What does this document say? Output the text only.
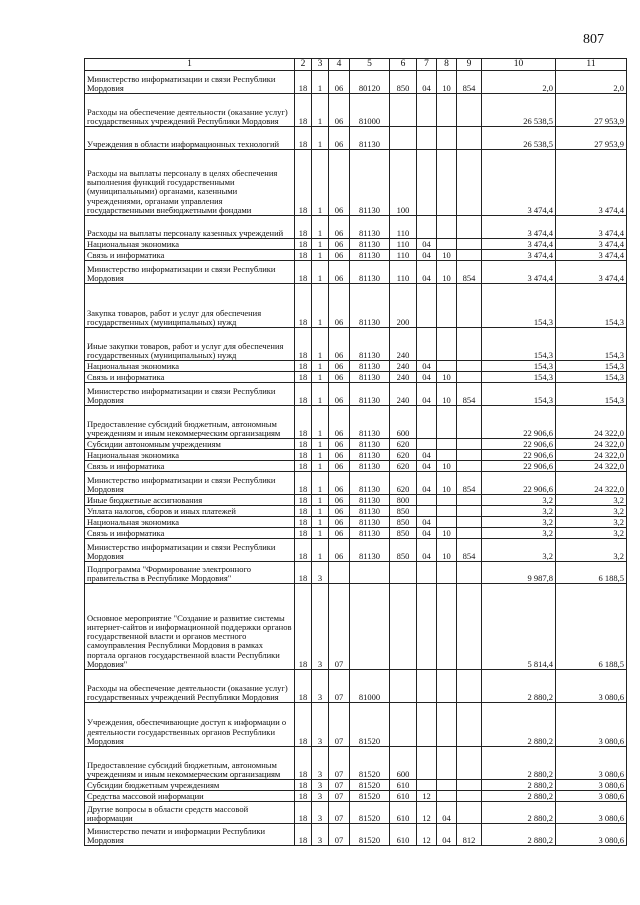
807
1	2	3	4	5	6	7	8	9	10	11
Министерство информатизации и связи Республики Мордовия	18	1	06	80120	850	04	10	854	2,0	2,0
Расходы на обеспечение деятельности (оказание услуг) государственных учреждений Республики Мордовия	18	1	06	81000					26 538,5	27 953,9
Учреждения в области информационных технологий	18	1	06	81130					26 538,5	27 953,9
Расходы на выплаты персоналу в целях обеспечения выполнения функций государственными (муниципальными) органами, казенными учреждениями, органами управления государственными внебюджетными фондами	18	1	06	81130	100				3 474,4	3 474,4
Расходы на выплаты персоналу казенных учреждений	18	1	06	81130	110				3 474,4	3 474,4
Национальная экономика	18	1	06	81130	110	04			3 474,4	3 474,4
Связь и информатика	18	1	06	81130	110	04	10		3 474,4	3 474,4
Министерство информатизации и связи Республики Мордовия	18	1	06	81130	110	04	10	854	3 474,4	3 474,4
Закупка товаров, работ и услуг для обеспечения государственных (муниципальных) нужд	18	1	06	81130	200				154,3	154,3
Иные закупки товаров, работ и услуг для обеспечения государственных (муниципальных) нужд	18	1	06	81130	240				154,3	154,3
Национальная экономика	18	1	06	81130	240	04			154,3	154,3
Связь и информатика	18	1	06	81130	240	04	10		154,3	154,3
Министерство информатизации и связи Республики Мордовия	18	1	06	81130	240	04	10	854	154,3	154,3
Предоставление субсидий бюджетным, автономным учреждениям и иным некоммерческим организациям	18	1	06	81130	600				22 906,6	24 322,0
Субсидии автономным учреждениям	18	1	06	81130	620				22 906,6	24 322,0
Национальная экономика	18	1	06	81130	620	04			22 906,6	24 322,0
Связь и информатика	18	1	06	81130	620	04	10		22 906,6	24 322,0
Министерство информатизации и связи Республики Мордовия	18	1	06	81130	620	04	10	854	22 906,6	24 322,0
Иные бюджетные ассигнования	18	1	06	81130	800				3,2	3,2
Уплата налогов, сборов и иных платежей	18	1	06	81130	850				3,2	3,2
Национальная экономика	18	1	06	81130	850	04			3,2	3,2
Связь и информатика	18	1	06	81130	850	04	10		3,2	3,2
Министерство информатизации и связи Республики Мордовия	18	1	06	81130	850	04	10	854	3,2	3,2
Подпрограмма "Формирование электронного правительства в Республике Мордовия"	18	3							9 987,8	6 188,5
Основное мероприятие "Создание и развитие системы интернет-сайтов и информационной поддержки органов государственной власти и органов местного самоуправления Республики Мордовия в рамках портала органов государственной власти Республики Мордовия"	18	3	07						5 814,4	6 188,5
Расходы на обеспечение деятельности (оказание услуг) государственных учреждений Республики Мордовия	18	3	07	81000					2 880,2	3 080,6
Учреждения, обеспечивающие доступ к информации о деятельности государственных органов Республики Мордовия	18	3	07	81520					2 880,2	3 080,6
Предоставление субсидий бюджетным, автономным учреждениям и иным некоммерческим организациям	18	3	07	81520	600				2 880,2	3 080,6
Субсидии бюджетным учреждениям	18	3	07	81520	610				2 880,2	3 080,6
Средства массовой информации	18	3	07	81520	610	12			2 880,2	3 080,6
Другие вопросы в области средств массовой информации	18	3	07	81520	610	12	04		2 880,2	3 080,6
Министерство печати и информации Республики Мордовия	18	3	07	81520	610	12	04	812	2 880,2	3 080,6
